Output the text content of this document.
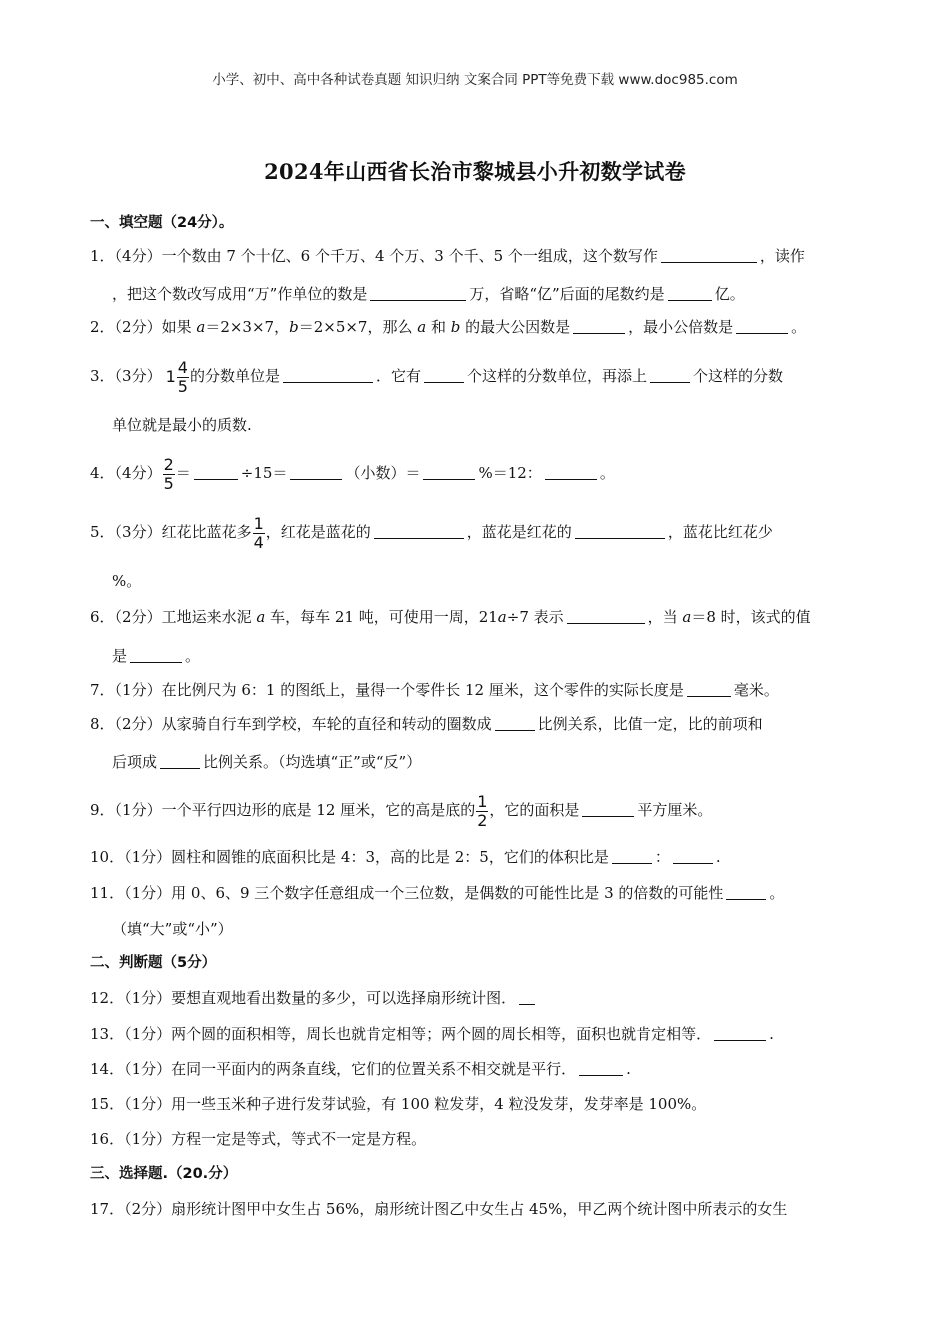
小学、初中、高中各种试卷真题 知识归纳 文案合同 PPT等免费下载 www.doc985.com
2024年山西省长治市黎城县小升初数学试卷
一、填空题（24分）。
1．（4分）一个数由 7 个十亿、6 个千万、4 个万、3 个千、5 个一组成，这个数写作	，读作
，把这个数改写成用“万”作单位的数是	万，省略“亿”后面的尾数约是	亿。
2．（2分）如果 a＝2×3×7，b＝2×5×7，那么 a 和 b 的最大公因数是	，最小公倍数是	。
3．（3分） $1 \frac{4}{5}$ 的分数单位是	．它有	个这样的分数单位，再添上	个这样的分数
单位就是最小的质数.
4．（4分） $\frac{2}{5}$ ＝	÷15＝	（小数）＝	%＝12：	。
5．（3分）红花比蓝花多 $\frac{1}{4}$ ，红花是蓝花的	，蓝花是红花的	，蓝花比红花少
%。
6．（2分）工地运来水泥 a 车，每车 21 吨，可使用一周，21a÷7 表示	，当 a＝8 时，该式的值
是	。
7．（1分）在比例尺为 6：1 的图纸上，量得一个零件长 12 厘米，这个零件的实际长度是	毫米。
8．（2分）从家骑自行车到学校，车轮的直径和转动的圈数成	比例关系，比值一定，比的前项和
后项成	比例关系。（均选填“正”或“反”）
9．（1分）一个平行四边形的底是 12 厘米，它的高是底的 $\frac{1}{2}$ ，它的面积是	平方厘米。
10．（1分）圆柱和圆锥的底面积比是 4：3，高的比是 2：5，它们的体积比是	：	.
11．（1分）用 0、6、9 三个数字任意组成一个三位数，是偶数的可能性比是 3 的倍数的可能性	。
（填“大”或“小”）
二、判断题（5分）
12．（1分）要想直观地看出数量的多少，可以选择扇形统计图．
13．（1分）两个圆的面积相等，周长也就肯定相等；两个圆的周长相等，面积也就肯定相等．	.
14．（1分）在同一平面内的两条直线，它们的位置关系不相交就是平行．	.
15．（1分）用一些玉米种子进行发芽试验，有 100 粒发芽，4 粒没发芽，发芽率是 100%。
16．（1分）方程一定是等式，等式不一定是方程。
三、选择题.（20.分）
17．（2分）扇形统计图甲中女生占 56%，扇形统计图乙中女生占 45%，甲乙两个统计图中所表示的女生
